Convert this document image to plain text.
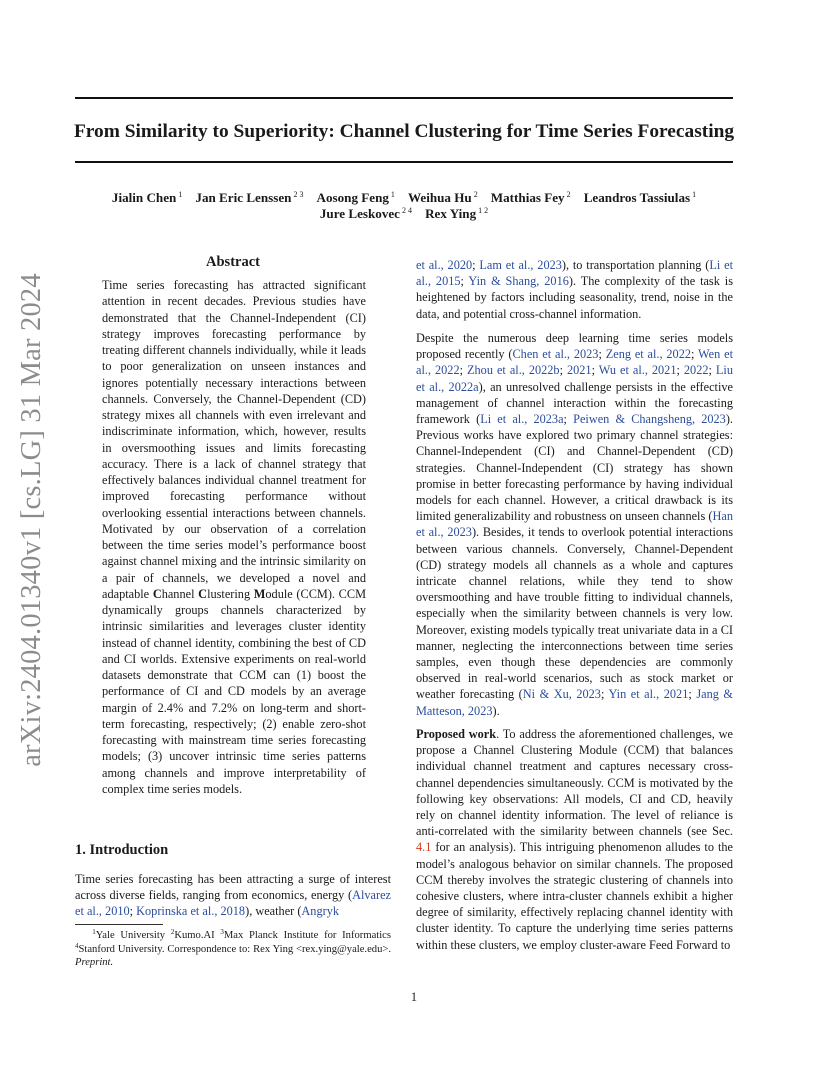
From Similarity to Superiority: Channel Clustering for Time Series Forecasting
Jialin Chen $^1$  Jan Eric Lenssen $^{2 3}$  Aosong Feng $^1$  Weihua Hu $^2$  Matthias Fey $^2$  Leandros Tassiulas $^1$
Jure Leskovec $^{2 4}$  Rex Ying $^{1 2}$
arXiv:2404.01340v1 [cs.LG] 31 Mar 2024
Abstract

Time series forecasting has attracted significant attention in recent decades. Previous studies have demonstrated that the Channel-Independent (CI) strategy improves forecasting performance by treating different channels individually, while it leads to poor generalization on unseen instances and ignores potentially necessary interactions between channels. Conversely, the Channel-Dependent (CD) strategy mixes all channels with even irrelevant and indiscriminate information, which, however, results in oversmoothing issues and limits forecasting accuracy. There is a lack of channel strategy that effectively balances individual channel treatment for improved forecasting performance without overlooking essential interactions between channels. Motivated by our observation of a correlation between the time series model’s performance boost against channel mixing and the intrinsic similarity on a pair of channels, we developed a novel and adaptable Channel Clustering Module (CCM). CCM dynamically groups channels characterized by intrinsic similarities and leverages cluster identity instead of channel identity, combining the best of CD and CI worlds. Extensive experiments on real-world datasets demonstrate that CCM can (1) boost the performance of CI and CD models by an average margin of 2.4% and 7.2% on long-term and short-term forecasting, respectively; (2) enable zero-shot forecasting with mainstream time series forecasting models; (3) uncover intrinsic time series patterns among channels and improve interpretability of complex time series models.

1. Introduction

Time series forecasting has been attracting a surge of interest across diverse fields, ranging from economics, energy (Alvarez et al., 2010; Koprinska et al., 2018), weather (Angryk

$^1$Yale University $^2$Kumo.AI $^3$Max Planck Institute for Informatics $^4$Stanford University. Correspondence to: Rex Ying <rex.ying@yale.edu>. Preprint.

et al., 2020; Lam et al., 2023), to transportation planning (Li et al., 2015; Yin & Shang, 2016). The complexity of the task is heightened by factors including seasonality, trend, noise in the data, and potential cross-channel information.

Despite the numerous deep learning time series models proposed recently (Chen et al., 2023; Zeng et al., 2022; Wen et al., 2022; Zhou et al., 2022b; 2021; Wu et al., 2021; 2022; Liu et al., 2022a), an unresolved challenge persists in the effective management of channel interaction within the forecasting framework (Li et al., 2023a; Peiwen & Changsheng, 2023). Previous works have explored two primary channel strategies: Channel-Independent (CI) and Channel-Dependent (CD) strategies. Channel-Independent (CI) strategy has shown promise in better forecasting performance by having individual models for each channel. However, a critical drawback is its limited generalizability and robustness on unseen channels (Han et al., 2023). Besides, it tends to overlook potential interactions between various channels. Conversely, Channel-Dependent (CD) strategy models all channels as a whole and captures intricate channel relations, while they tend to show oversmoothing and have trouble fitting to individual channels, especially when the similarity between channels is very low. Moreover, existing models typically treat univariate data in a CI manner, neglecting the interconnections between time series samples, even though these dependencies are commonly observed in real-world scenarios, such as stock market or weather forecasting (Ni & Xu, 2023; Yin et al., 2021; Jang & Matteson, 2023).

Proposed work. To address the aforementioned challenges, we propose a Channel Clustering Module (CCM) that balances individual channel treatment and captures necessary cross-channel dependencies simultaneously. CCM is motivated by the following key observations: All models, CI and CD, heavily rely on channel identity information. The level of reliance is anti-correlated with the similarity between channels (see Sec. 4.1 for an analysis). This intriguing phenomenon alludes to the model’s analogous behavior on similar channels. The proposed CCM thereby involves the strategic clustering of channels into cohesive clusters, where intra-cluster channels exhibit a higher degree of similarity, effectively replacing channel identity with cluster identity. To capture the underlying time series patterns within these clusters, we employ cluster-aware Feed Forward to

1
